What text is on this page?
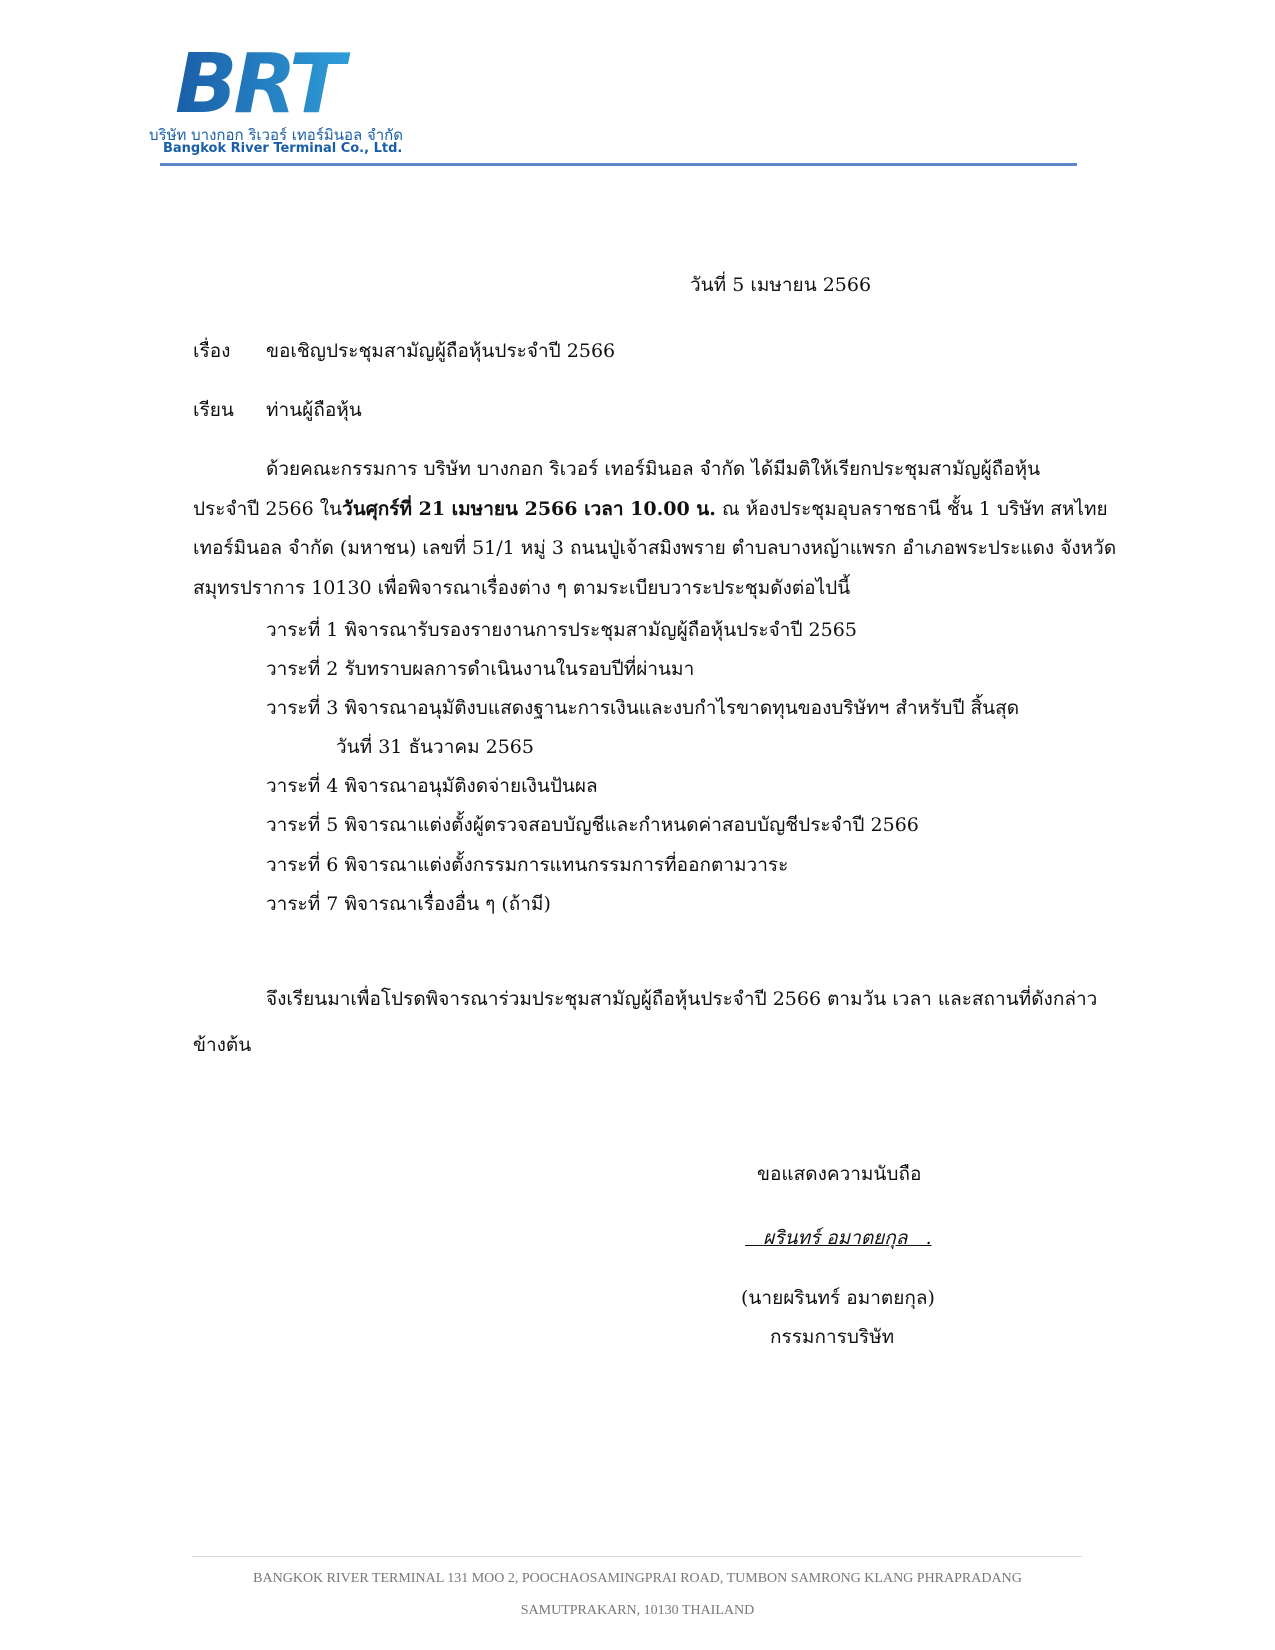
BRT
บริษัท บางกอก ริเวอร์ เทอร์มินอล จำกัด
Bangkok River Terminal Co., Ltd.
วันที่ 5 เมษายน 2566
เรื่อง ขอเชิญประชุมสามัญผู้ถือหุ้นประจำปี 2566
เรียน ท่านผู้ถือหุ้น
ด้วยคณะกรรมการ บริษัท บางกอก ริเวอร์ เทอร์มินอล จำกัด ได้มีมติให้เรียกประชุมสามัญผู้ถือหุ้น
ประจำปี 2566 ในวันศุกร์ที่ 21 เมษายน 2566 เวลา 10.00 น. ณ ห้องประชุมอุบลราชธานี ชั้น 1 บริษัท สหไทย
เทอร์มินอล จำกัด (มหาชน) เลขที่ 51/1 หมู่ 3 ถนนปู่เจ้าสมิงพราย ตำบลบางหญ้าแพรก อำเภอพระประแดง จังหวัด
สมุทรปราการ 10130 เพื่อพิจารณาเรื่องต่าง ๆ ตามระเบียบวาระประชุมดังต่อไปนี้
วาระที่ 1 พิจารณารับรองรายงานการประชุมสามัญผู้ถือหุ้นประจำปี 2565
วาระที่ 2 รับทราบผลการดำเนินงานในรอบปีที่ผ่านมา
วาระที่ 3 พิจารณาอนุมัติงบแสดงฐานะการเงินและงบกำไรขาดทุนของบริษัทฯ สำหรับปี สิ้นสุด
วันที่ 31 ธันวาคม 2565
วาระที่ 4 พิจารณาอนุมัติงดจ่ายเงินปันผล
วาระที่ 5 พิจารณาแต่งตั้งผู้ตรวจสอบบัญชีและกำหนดค่าสอบบัญชีประจำปี 2566
วาระที่ 6 พิจารณาแต่งตั้งกรรมการแทนกรรมการที่ออกตามวาระ
วาระที่ 7 พิจารณาเรื่องอื่น ๆ (ถ้ามี)
จึงเรียนมาเพื่อโปรดพิจารณาร่วมประชุมสามัญผู้ถือหุ้นประจำปี 2566 ตามวัน เวลา และสถานที่ดังกล่าว
ข้างต้น
ขอแสดงความนับถือ
ผรินทร์ อมาตยกุล   .
(นายผรินทร์ อมาตยกุล)
กรรมการบริษัท
BANGKOK RIVER TERMINAL 131 MOO 2, POOCHAOSAMINGPRAI ROAD, TUMBON SAMRONG KLANG PHRAPRADANG
SAMUTPRAKARN, 10130 THAILAND
